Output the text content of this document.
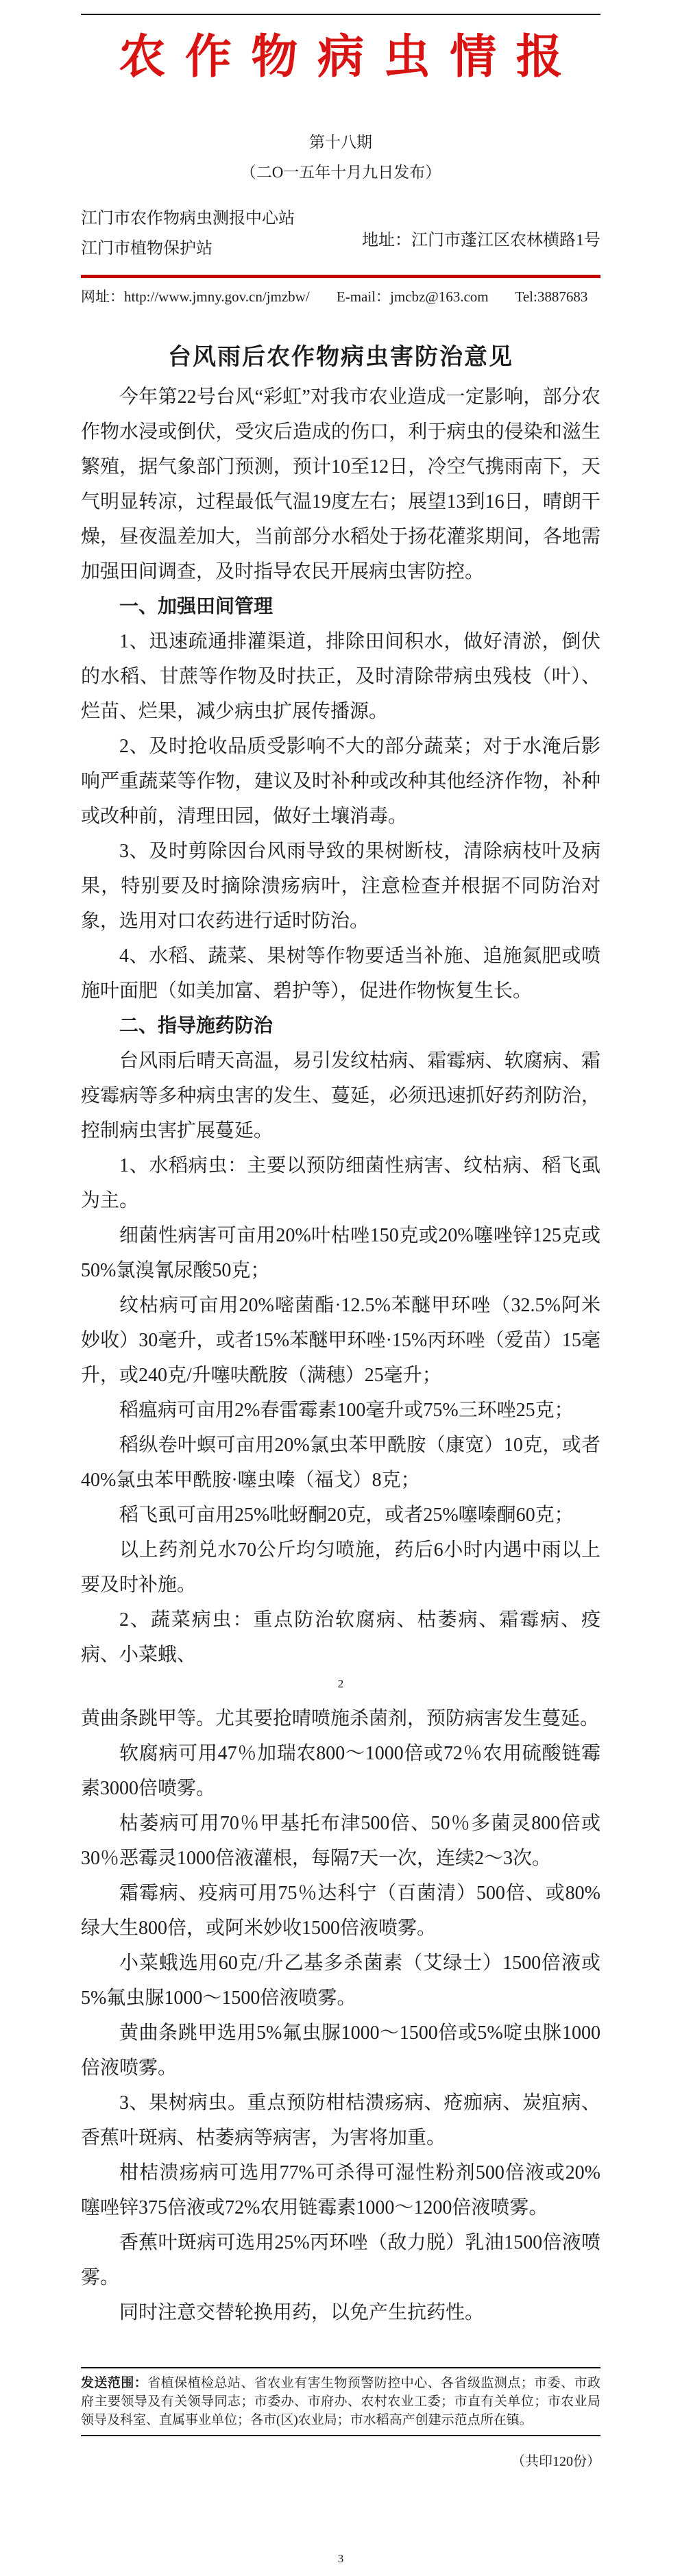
农作物病虫情报
第十八期
（二O一五年十月九日发布）
江门市农作物病虫测报中心站
江门市植物保护站	地址：江门市蓬江区农林横路1号
网址：http://www.jmny.gov.cn/jmzbw/ E-mail：jmcbz@163.com Tel:3887683
台风雨后农作物病虫害防治意见

今年第22号台风“彩虹”对我市农业造成一定影响，部分农作物水浸或倒伏，受灾后造成的伤口，利于病虫的侵染和滋生繁殖，据气象部门预测，预计10至12日，冷空气携雨南下，天气明显转凉，过程最低气温19度左右；展望13到16日，晴朗干燥，昼夜温差加大，当前部分水稻处于扬花灌浆期间，各地需加强田间调查，及时指导农民开展病虫害防控。

一、加强田间管理

1、迅速疏通排灌渠道，排除田间积水，做好清淤，倒伏的水稻、甘蔗等作物及时扶正，及时清除带病虫残枝（叶）、烂苗、烂果，减少病虫扩展传播源。

2、及时抢收品质受影响不大的部分蔬菜；对于水淹后影响严重蔬菜等作物，建议及时补种或改种其他经济作物，补种或改种前，清理田园，做好土壤消毒。

3、及时剪除因台风雨导致的果树断枝，清除病枝叶及病果，特别要及时摘除溃疡病叶，注意检查并根据不同防治对象，选用对口农药进行适时防治。

4、水稻、蔬菜、果树等作物要适当补施、追施氮肥或喷施叶面肥（如美加富、碧护等），促进作物恢复生长。

二、指导施药防治

台风雨后晴天高温，易引发纹枯病、霜霉病、软腐病、霜疫霉病等多种病虫害的发生、蔓延，必须迅速抓好药剂防治，控制病虫害扩展蔓延。

1、水稻病虫：主要以预防细菌性病害、纹枯病、稻飞虱为主。

细菌性病害可亩用20%叶枯唑150克或20%噻唑锌125克或50%氯溴氰尿酸50克；

纹枯病可亩用20%嘧菌酯·12.5%苯醚甲环唑（32.5%阿米妙收）30毫升，或者15%苯醚甲环唑·15%丙环唑（爱苗）15毫升，或240克/升噻呋酰胺（满穗）25毫升；

稻瘟病可亩用2%春雷霉素100毫升或75%三环唑25克；

稻纵卷叶螟可亩用20%氯虫苯甲酰胺（康宽）10克，或者40%氯虫苯甲酰胺·噻虫嗪（福戈）8克；

稻飞虱可亩用25%吡蚜酮20克，或者25%噻嗪酮60克；

以上药剂兑水70公斤均匀喷施，药后6小时内遇中雨以上要及时补施。

2、蔬菜病虫：重点防治软腐病、枯萎病、霜霉病、疫病、小菜蛾、

2

黄曲条跳甲等。尤其要抢晴喷施杀菌剂，预防病害发生蔓延。

软腐病可用47％加瑞农800～1000倍或72％农用硫酸链霉素3000倍喷雾。

枯萎病可用70％甲基托布津500倍、50％多菌灵800倍或30％恶霉灵1000倍液灌根，每隔7天一次，连续2～3次。

霜霉病、疫病可用75％达科宁（百菌清）500倍、或80%绿大生800倍，或阿米妙收1500倍液喷雾。

小菜蛾选用60克/升乙基多杀菌素（艾绿士）1500倍液或5%氟虫脲1000～1500倍液喷雾。

黄曲条跳甲选用5%氟虫脲1000～1500倍或5%啶虫脒1000倍液喷雾。

3、果树病虫。重点预防柑桔溃疡病、疮痂病、炭疽病、香蕉叶斑病、枯萎病等病害，为害将加重。

柑桔溃疡病可选用77%可杀得可湿性粉剂500倍液或20%噻唑锌375倍液或72%农用链霉素1000～1200倍液喷雾。

香蕉叶斑病可选用25%丙环唑（敌力脱）乳油1500倍液喷雾。

同时注意交替轮换用药，以免产生抗药性。

发送范围：省植保植检总站、省农业有害生物预警防控中心、各省级监测点；市委、市政府主要领导及有关领导同志；市委办、市府办、农村农业工委；市直有关单位；市农业局领导及科室、直属事业单位；各市(区)农业局；市水稻高产创建示范点所在镇。

（共印120份）
3
